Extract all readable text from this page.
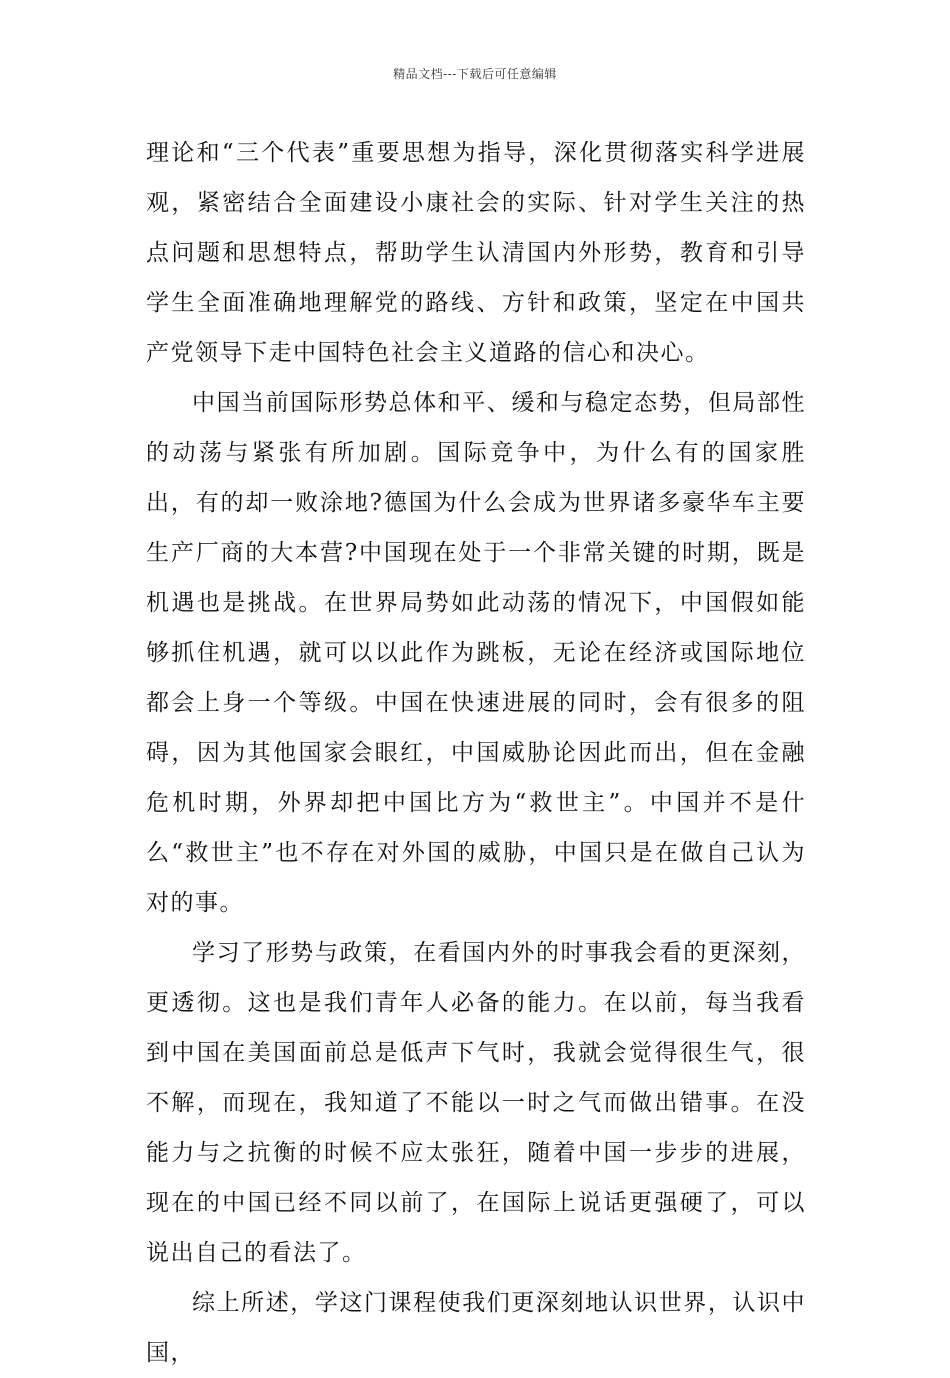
精品文档---下载后可任意编辑

理论和“三个代表”重要思想为指导，深化贯彻落实科学进展观，紧密结合全面建设小康社会的实际、针对学生关注的热点问题和思想特点，帮助学生认清国内外形势，教育和引导学生全面准确地理解党的路线、方针和政策，坚定在中国共产党领导下走中国特色社会主义道路的信心和决心。

中国当前国际形势总体和平、缓和与稳定态势，但局部性的动荡与紧张有所加剧。国际竞争中，为什么有的国家胜出，有的却一败涂地?德国为什么会成为世界诸多豪华车主要生产厂商的大本营?中国现在处于一个非常关键的时期，既是机遇也是挑战。在世界局势如此动荡的情况下，中国假如能够抓住机遇，就可以以此作为跳板，无论在经济或国际地位都会上身一个等级。中国在快速进展的同时，会有很多的阻碍，因为其他国家会眼红，中国威胁论因此而出，但在金融危机时期，外界却把中国比方为“救世主”。中国并不是什么“救世主”也不存在对外国的威胁，中国只是在做自己认为对的事。

学习了形势与政策，在看国内外的时事我会看的更深刻，更透彻。这也是我们青年人必备的能力。在以前，每当我看到中国在美国面前总是低声下气时，我就会觉得很生气，很不解，而现在，我知道了不能以一时之气而做出错事。在没能力与之抗衡的时候不应太张狂，随着中国一步步的进展，现在的中国已经不同以前了，在国际上说话更强硬了，可以说出自己的看法了。

综上所述，学这门课程使我们更深刻地认识世界，认识中国，
